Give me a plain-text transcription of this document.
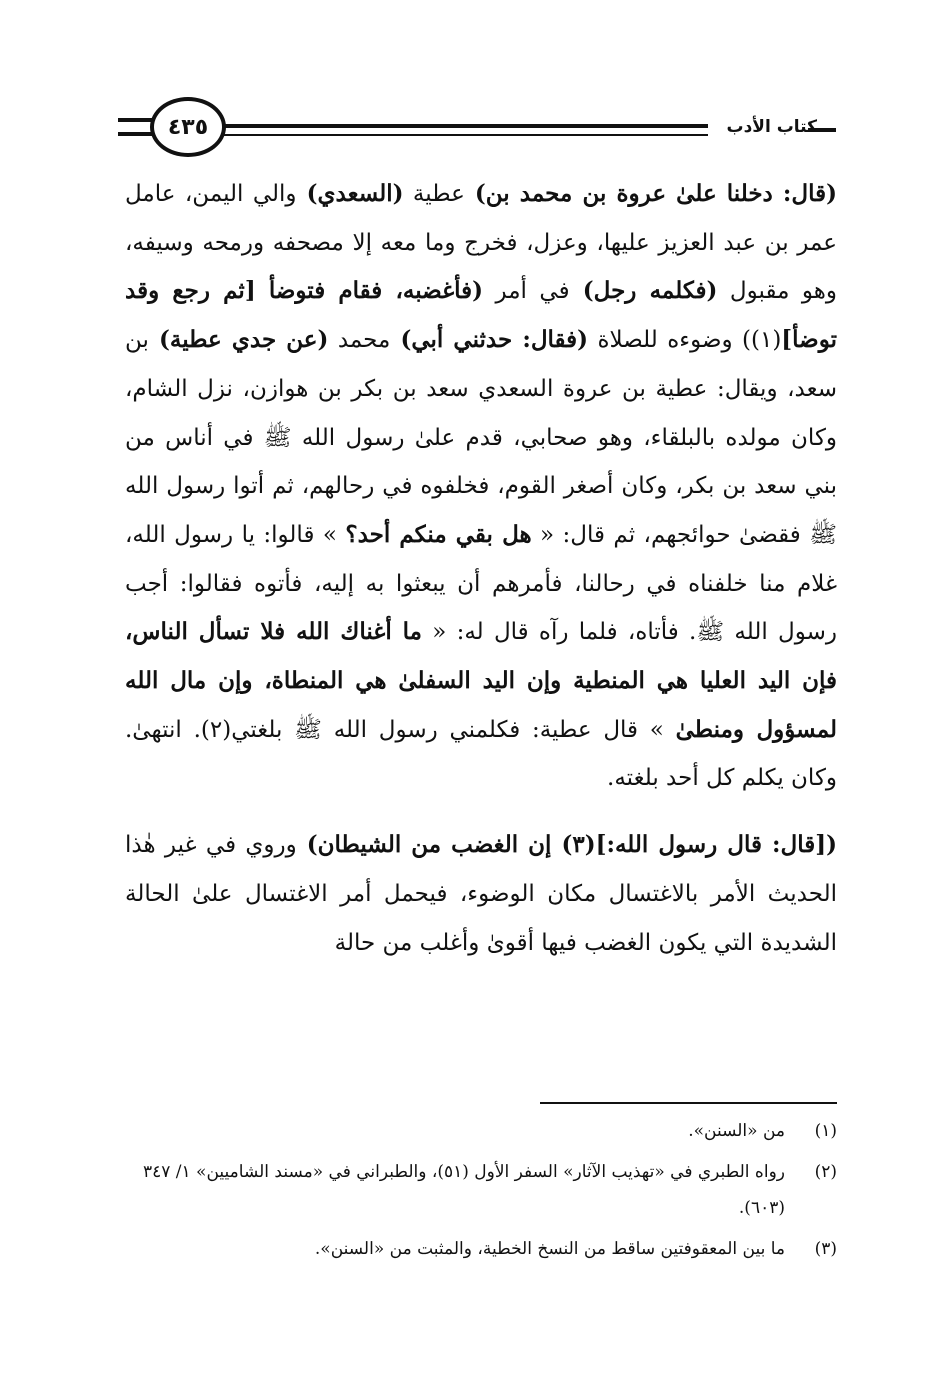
٤٣٥	كتاب الأدب

(قال: دخلنا علىٰ عروة بن محمد بن) عطية (السعدي) والي اليمن، عامل عمر بن عبد العزيز عليها، وعزل، فخرج وما معه إلا مصحفه ورمحه وسيفه، وهو مقبول (فكلمه رجل) في أمر (فأغضبه، فقام فتوضأ [ثم رجع وقد توضأ](١)) وضوءه للصلاة (فقال: حدثني أبي) محمد (عن جدي عطية) بن سعد، ويقال: عطية بن عروة السعدي سعد بن بكر بن هوازن، نزل الشام، وكان مولده بالبلقاء، وهو صحابي، قدم علىٰ رسول الله ﷺ في أناس من بني سعد بن بكر، وكان أصغر القوم، فخلفوه في رحالهم، ثم أتوا رسول الله ﷺ فقضىٰ حوائجهم، ثم قال: « هل بقي منكم أحد؟ » قالوا: يا رسول الله، غلام منا خلفناه في رحالنا، فأمرهم أن يبعثوا به إليه، فأتوه فقالوا: أجب رسول الله ﷺ. فأتاه، فلما رآه قال له: « ما أغناك الله فلا تسأل الناس، فإن اليد العليا هي المنطية وإن اليد السفلىٰ هي المنطاة، وإن مال الله لمسؤول ومنطىٰ » قال عطية: فكلمني رسول الله ﷺ بلغتي(٢). انتهىٰ. وكان يكلم كل أحد بلغته.

([قال: قال رسول الله:](٣) إن الغضب من الشيطان) وروي في غير هٰذا الحديث الأمر بالاغتسال مكان الوضوء، فيحمل أمر الاغتسال علىٰ الحالة الشديدة التي يكون الغضب فيها أقوىٰ وأغلب من حالة

(١)
من «السنن».

(٢)
رواه الطبري في «تهذيب الآثار» السفر الأول (٥١)، والطبراني في «مسند الشاميين» ١/ ٣٤٧ (٦٠٣).

(٣)
ما بين المعقوفتين ساقط من النسخ الخطية، والمثبت من «السنن».
